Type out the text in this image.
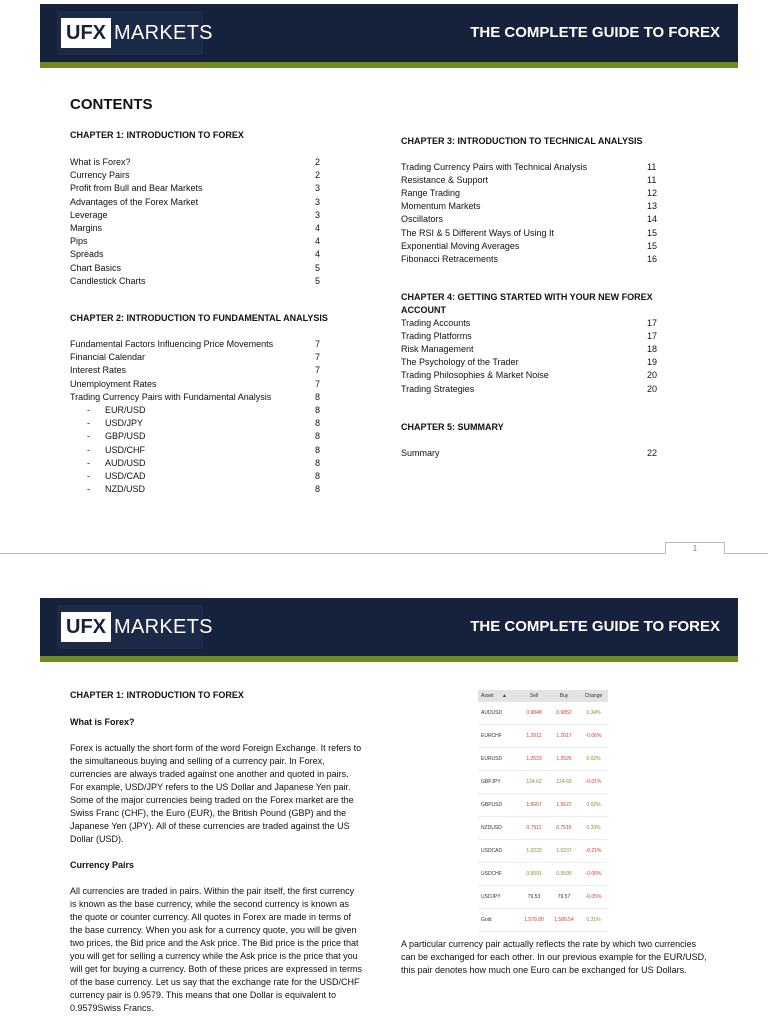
UFX MARKETS	THE COMPLETE GUIDE TO FOREX
CONTENTS
CHAPTER 1: INTRODUCTION TO FOREX
What is Forex?	2
Currency Pairs	2
Profit from Bull and Bear Markets	3
Advantages of the Forex Market	3
Leverage	3
Margins	4
Pips	4
Spreads	4
Chart Basics	5
Candlestick Charts	5
CHAPTER 2: INTRODUCTION TO FUNDAMENTAL ANALYSIS
Fundamental Factors Influencing Price Movements	7
Financial Calendar	7
Interest Rates	7
Unemployment Rates	7
Trading Currency Pairs with Fundamental Analysis	8
- EUR/USD	8
- USD/JPY	8
- GBP/USD	8
- USD/CHF	8
- AUD/USD	8
- USD/CAD	8
- NZD/USD	8
CHAPTER 3: INTRODUCTION TO TECHNICAL ANALYSIS
Trading Currency Pairs with Technical Analysis	11
Resistance & Support	11
Range Trading	12
Momentum Markets	13
Oscillators	14
The RSI & 5 Different Ways of Using It	15
Exponential Moving Averages	15
Fibonacci Retracements	16
CHAPTER 4: GETTING STARTED WITH YOUR NEW FOREX
ACCOUNT
Trading Accounts	17
Trading Platforms	17
Risk Management	18
The Psychology of the Trader	19
Trading Philosophies & Market Noise	20
Trading Strategies	20
CHAPTER 5: SUMMARY
Summary	22
1
UFX MARKETS	THE COMPLETE GUIDE TO FOREX
CHAPTER 1: INTRODUCTION TO FOREX
What is Forex?
Forex is actually the short form of the word Foreign Exchange. It refers to the simultaneous buying and selling of a currency pair. In Forex, currencies are always traded against one another and quoted in pairs. For example, USD/JPY refers to the US Dollar and Japanese Yen pair. Some of the major currencies being traded on the Forex market are the Swiss Franc (CHF), the Euro (EUR), the British Pound (GBP) and the Japanese Yen (JPY). All of these currencies are traded against the US Dollar (USD).
Currency Pairs
All currencies are traded in pairs. Within the pair itself, the first currency is known as the base currency, while the second currency is known as the quote or counter currency. All quotes in Forex are made in terms of the base currency. When you ask for a currency quote, you will be given two prices, the Bid price and the Ask price. The Bid price is the price that you will get for selling a currency while the Ask price is the price that you will get for buying a currency. Both of these prices are expressed in terms of the base currency. Let us say that the exchange rate for the USD/CHF currency pair is 0.9579. This means that one Dollar is equivalent to 0.9579Swiss Francs.
Asset ▲	Sell	Buy	Change
AUDUSD	0.9848	0.9852	0.34%
EURCHF	1.2012	1.2017	-0.06%
EURUSD	1.2523	1.2526	0.02%
GBPJPY	124.62	124.69	-0.01%
GBPUSD	1.5667	1.5672	0.02%
NZDUSD	0.7511	0.7516	0.33%
USDCAD	1.0232	1.0237	-0.21%
USDCHF	0.9591	0.9595	-0.06%
USDJPY	79.53	79.57	-0.05%
Gold	1,579.80	1,580.54	0.31%
A particular currency pair actually reflects the rate by which two currencies can be exchanged for each other. In our previous example for the EUR/USD, this pair denotes how much one Euro can be exchanged for US Dollars.
